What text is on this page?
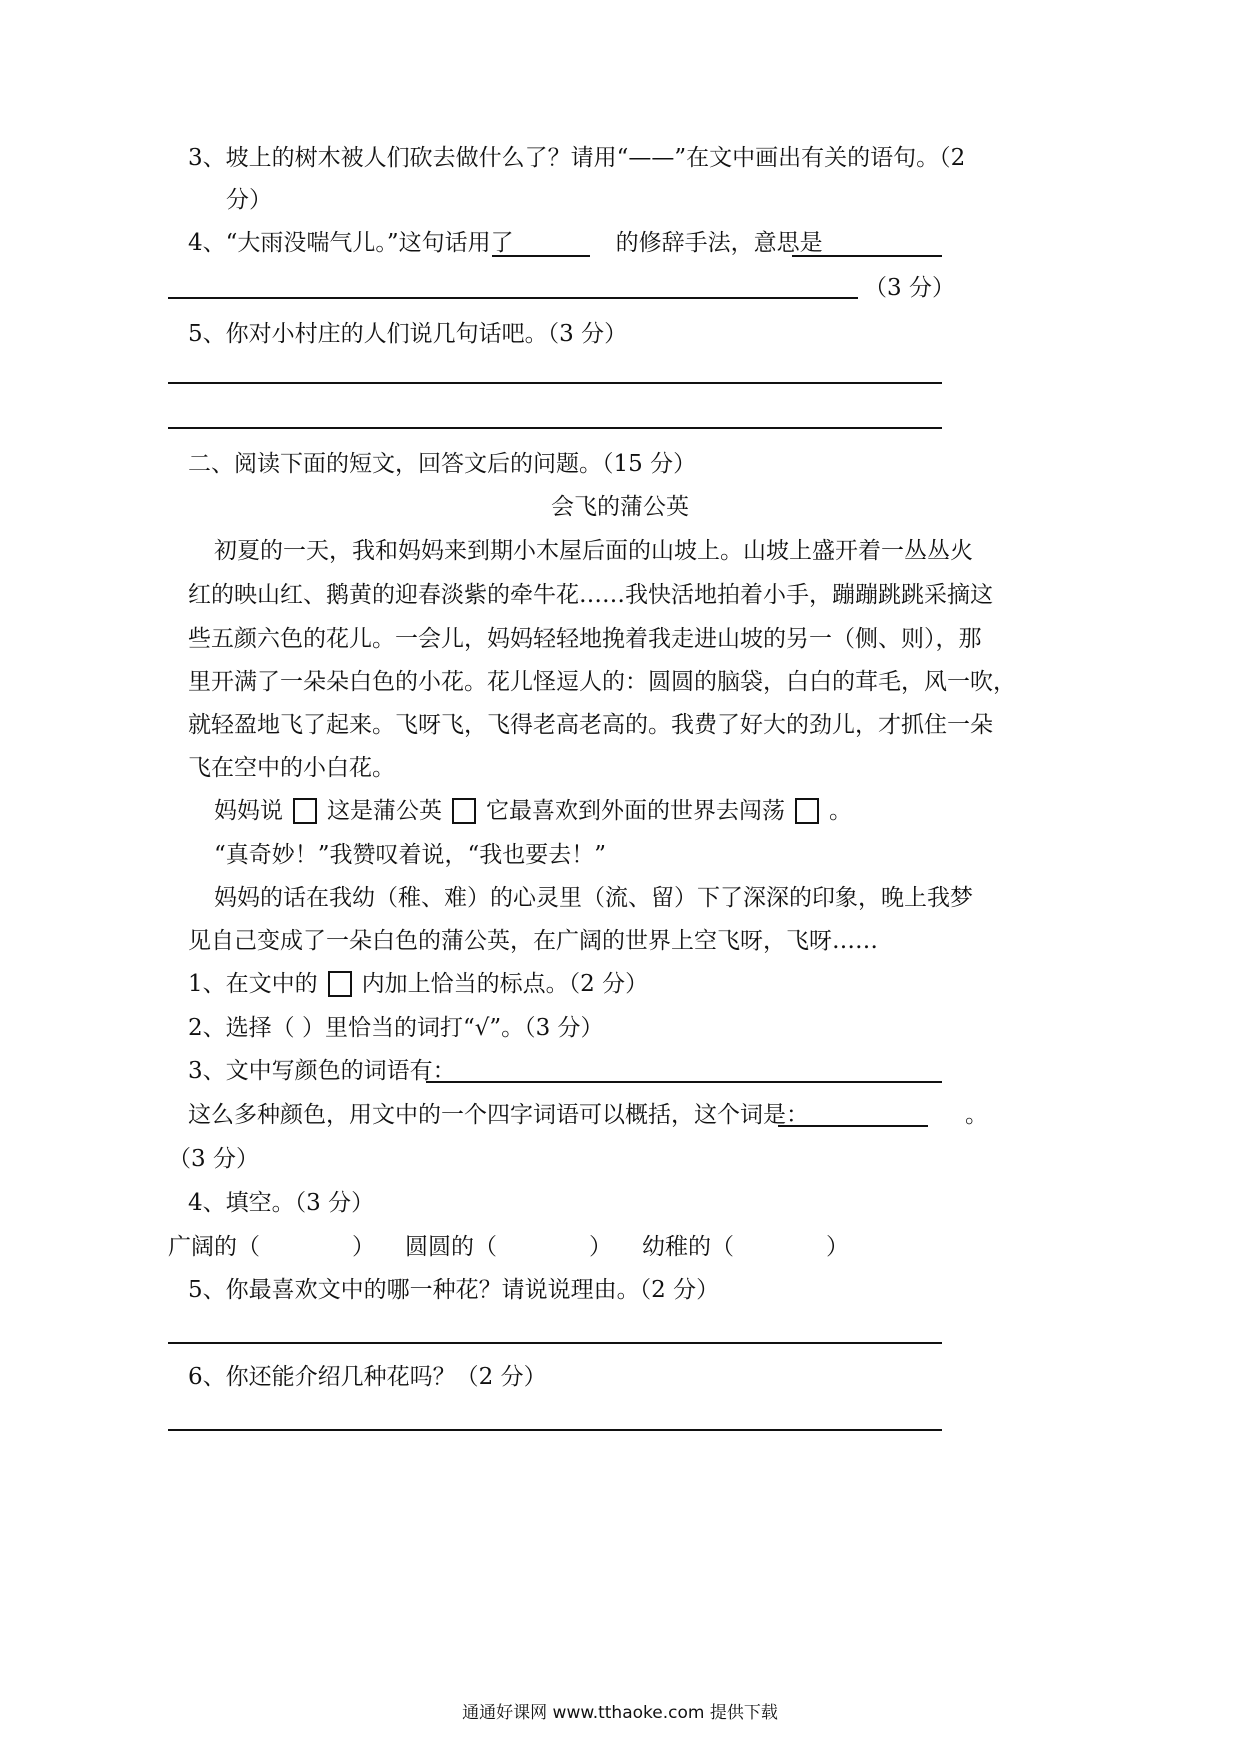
3、坡上的树木被人们砍去做什么了？请用“——”在文中画出有关的语句。（2
分）
4、“大雨没喘气儿。”这句话用了	的修辞手法，意思是
（3 分）
5、你对小村庄的人们说几句话吧。（3 分）
二、阅读下面的短文，回答文后的问题。（15 分）
会飞的蒲公英
初夏的一天，我和妈妈来到期小木屋后面的山坡上。山坡上盛开着一丛丛火
红的映山红、鹅黄的迎春淡紫的牵牛花……我快活地拍着小手，蹦蹦跳跳采摘这
些五颜六色的花儿。一会儿，妈妈轻轻地挽着我走进山坡的另一（侧、则），那
里开满了一朵朵白色的小花。花儿怪逗人的：圆圆的脑袋，白白的茸毛，风一吹，
就轻盈地飞了起来。飞呀飞，飞得老高老高的。我费了好大的劲儿，才抓住一朵
飞在空中的小白花。
妈妈说 这是蒲公英 它最喜欢到外面的世界去闯荡 。
“真奇妙！”我赞叹着说，“我也要去！”
妈妈的话在我幼（稚、难）的心灵里（流、留）下了深深的印象，晚上我梦
见自己变成了一朵白色的蒲公英，在广阔的世界上空飞呀，飞呀……
1、在文中的 内加上恰当的标点。（2 分）
2、选择（ ）里恰当的词打“√”。（3 分）
3、文中写颜色的词语有：
这么多种颜色，用文中的一个四字词语可以概括，这个词是：	。
（3 分）
4、填空。（3 分）
广阔的（	） 圆圆的（	） 幼稚的（	）
5、你最喜欢文中的哪一种花？请说说理由。（2 分）
6、你还能介绍几种花吗？（2 分）
通通好课网 www.tthaoke.com 提供下载
